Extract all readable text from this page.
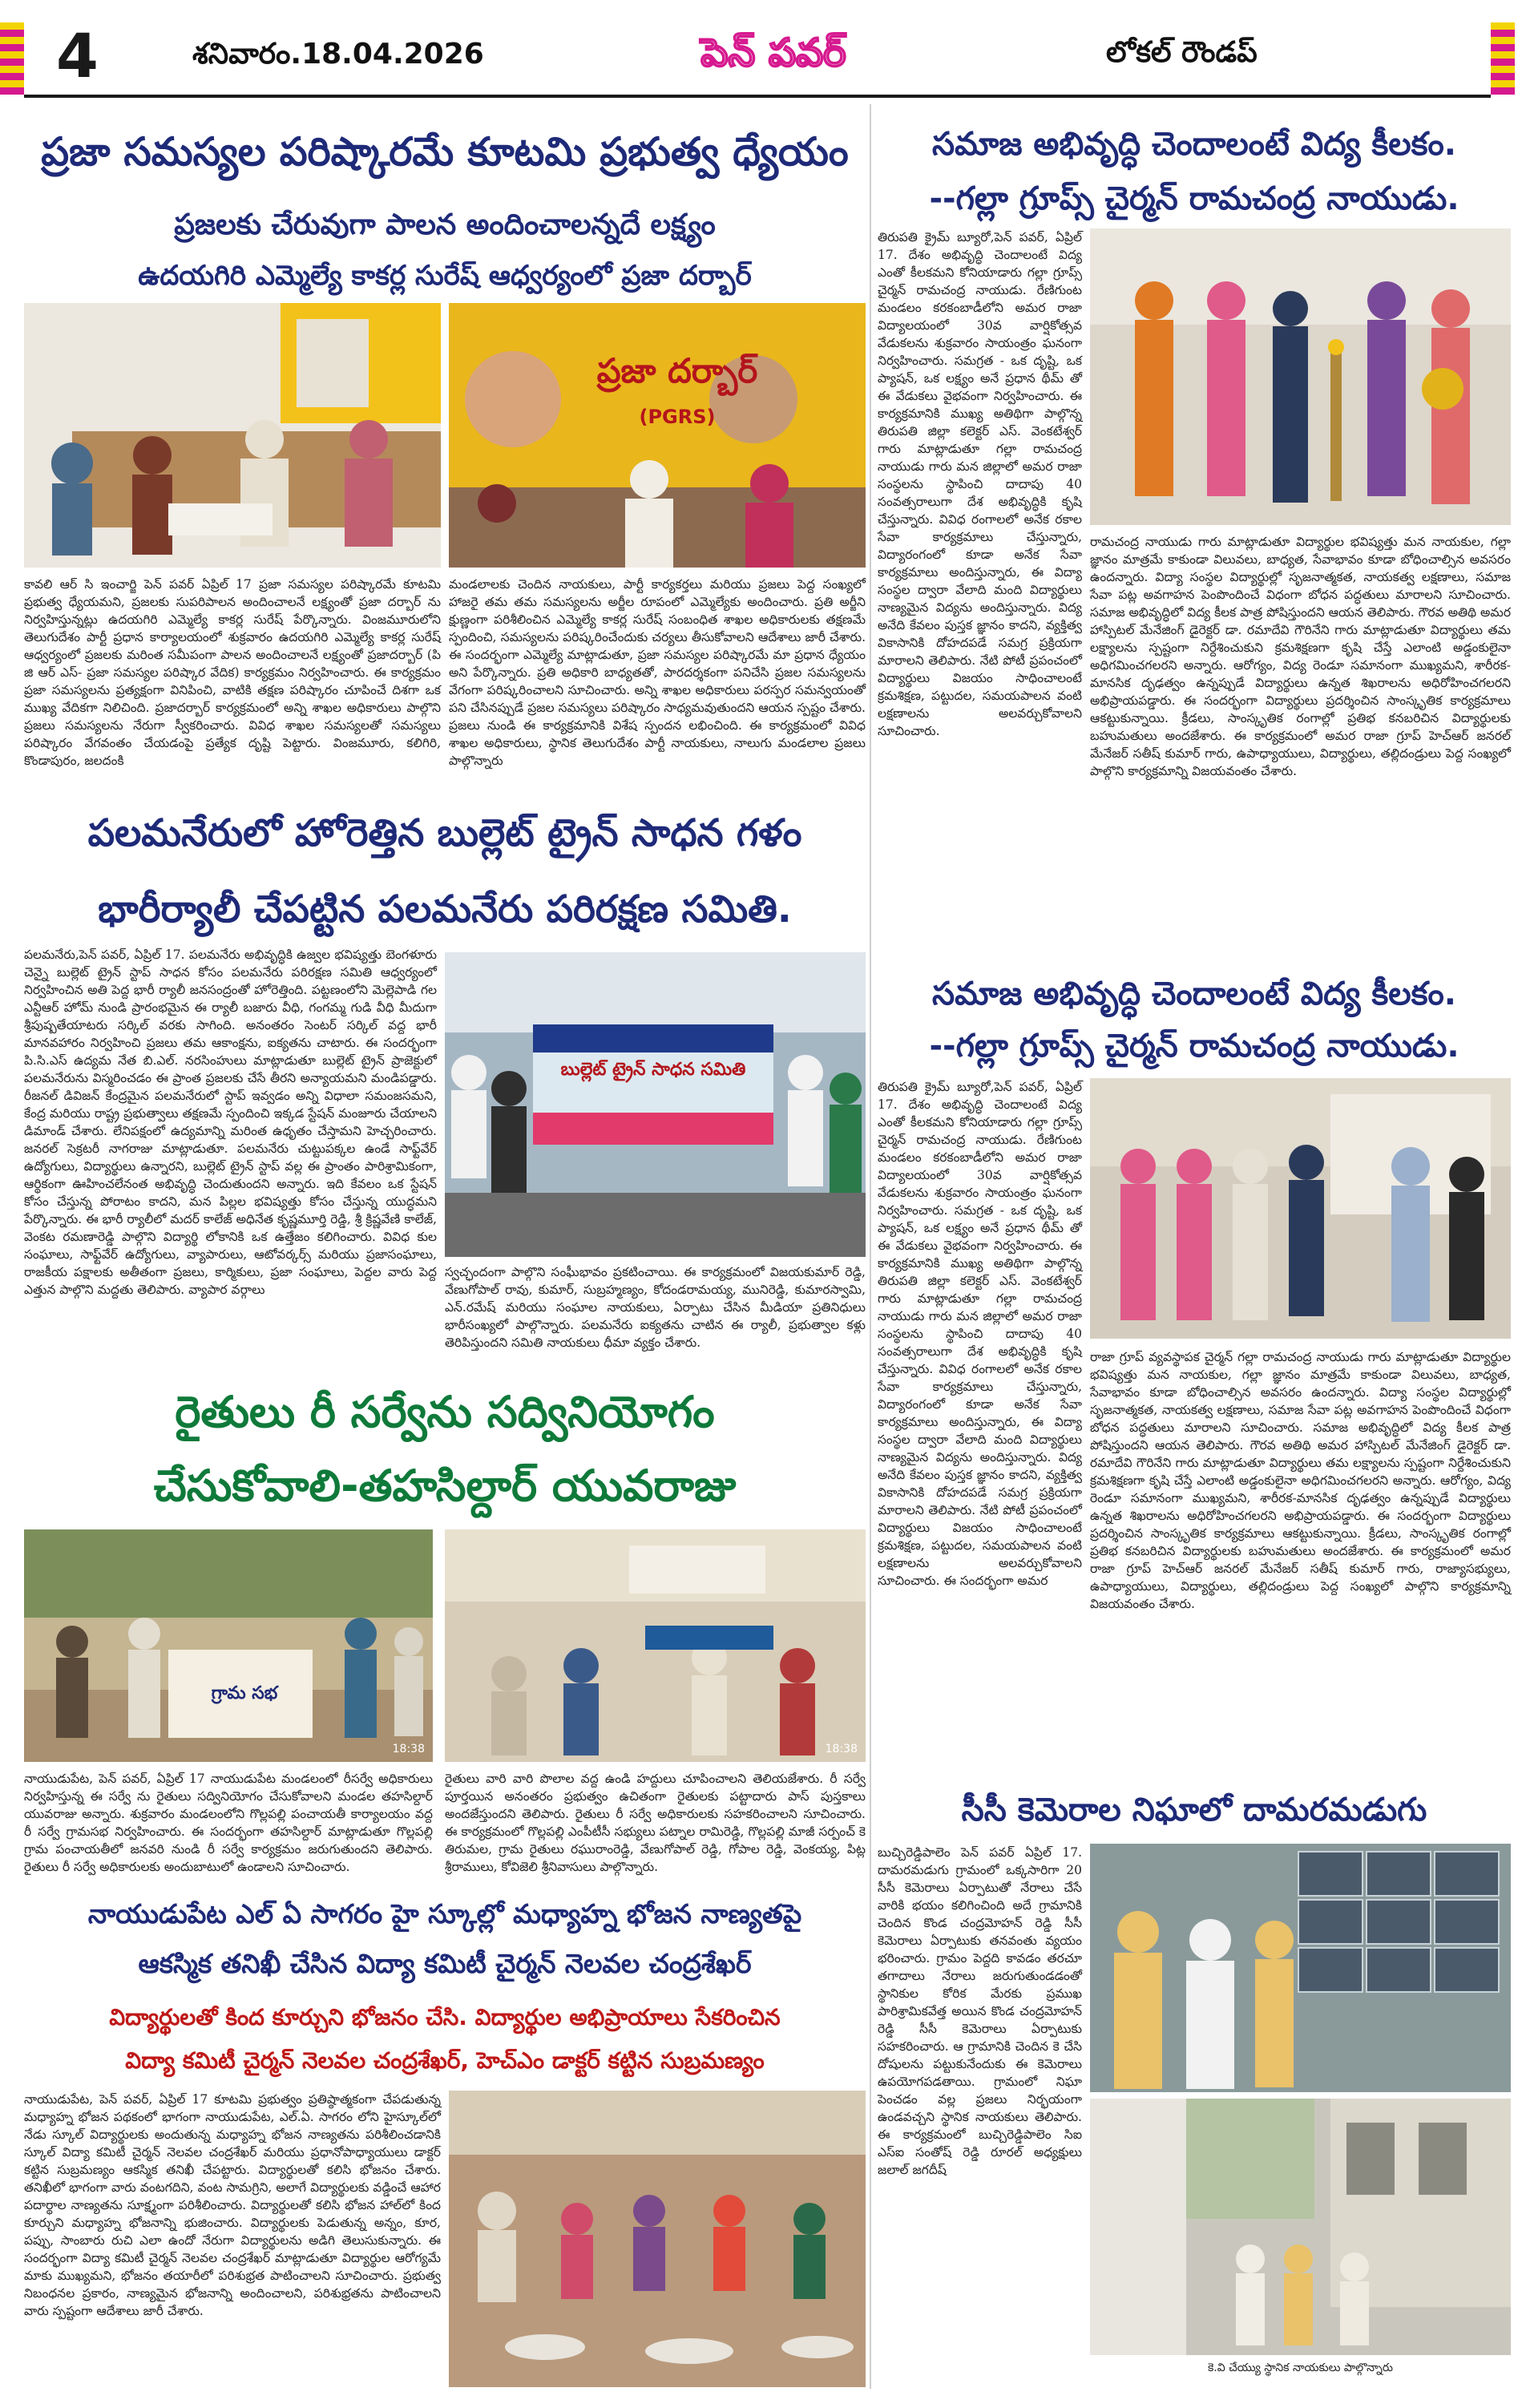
4	శనివారం.18.04.2026	పెన్ పవర్	లోకల్ రౌండప్
ప్రజా సమస్యల పరిష్కారమే కూటమి ప్రభుత్వ ధ్యేయం
ప్రజలకు చేరువుగా పాలన అందించాలన్నదే లక్ష్యం
ఉదయగిరి ఎమ్మెల్యే కాకర్ల సురేష్ ఆధ్వర్యంలో ప్రజా దర్బార్
ప్రజా దర్బార్
(PGRS)
కావలి ఆర్ సి ఇంచార్జి పెన్ పవర్ ఏప్రిల్ 17 ప్రజా సమస్యల పరిష్కారమే కూటమి ప్రభుత్వ ధ్యేయమని, ప్రజలకు సుపరిపాలన అందించాలనే లక్ష్యంతో ప్రజా దర్బార్ ను నిర్వహిస్తున్నట్లు ఉదయగిరి ఎమ్మెల్యే కాకర్ల సురేష్ పేర్కొన్నారు. వింజమూరులోని తెలుగుదేశం పార్టీ ప్రధాన కార్యాలయంలో శుక్రవారం ఉదయగిరి ఎమ్మెల్యే కాకర్ల సురేష్ ఆధ్వర్యంలో ప్రజలకు మరింత సమీపంగా పాలన అందించాలనే లక్ష్యంతో ప్రజాదర్బార్ (పి జి ఆర్ ఎస్- ప్రజా సమస్యల పరిష్కార వేదిక) కార్యక్రమం నిర్వహించారు. ఈ కార్యక్రమం ప్రజా సమస్యలను ప్రత్యక్షంగా వినిపించి, వాటికి తక్షణ పరిష్కారం చూపించే దిశగా ఒక ముఖ్య వేదికగా నిలిచింది. ప్రజాదర్బార్ కార్యక్రమంలో అన్ని శాఖల అధికారులు పాల్గొని ప్రజలు సమస్యలను నేరుగా స్వీకరించారు. వివిధ శాఖల సమస్యలతో సమస్యలు పరిష్కారం వేగవంతం చేయడంపై ప్రత్యేక దృష్టి పెట్టారు. వింజమూరు, కలిగిరి, కొండాపురం, జలదంకి
మండలాలకు చెందిన నాయకులు, పార్టీ కార్యకర్తలు మరియు ప్రజలు పెద్ద సంఖ్యలో హాజరై తమ తమ సమస్యలను అర్జీల రూపంలో ఎమ్మెల్యేకు అందించారు. ప్రతి అర్జీని క్షుణ్ణంగా పరిశీలించిన ఎమ్మెల్యే కాకర్ల సురేష్ సంబంధిత శాఖల అధికారులకు తక్షణమే స్పందించి, సమస్యలను పరిష్కరించేందుకు చర్యలు తీసుకోవాలని ఆదేశాలు జారీ చేశారు. ఈ సందర్భంగా ఎమ్మెల్యే మాట్లాడుతూ, ప్రజా సమస్యల పరిష్కారమే మా ప్రధాన ధ్యేయం అని పేర్కొన్నారు. ప్రతి అధికారి బాధ్యతతో, పారదర్శకంగా పనిచేసి ప్రజల సమస్యలను వేగంగా పరిష్కరించాలని సూచించారు. అన్ని శాఖల అధికారులు పరస్పర సమన్వయంతో పని చేసినప్పుడే ప్రజల సమస్యలు పరిష్కారం సాధ్యమవుతుందని ఆయన స్పష్టం చేశారు. ప్రజలు నుండి ఈ కార్యక్రమానికి విశేష స్పందన లభించింది. ఈ కార్యక్రమంలో వివిధ శాఖల అధికారులు, స్థానిక తెలుగుదేశం పార్టీ నాయకులు, నాలుగు మండలాల ప్రజలు పాల్గొన్నారు
పలమనేరులో హోరెత్తిన బుల్లెట్ ట్రైన్ సాధన గళం
భారీర్యాలీ చేపట్టిన పలమనేరు పరిరక్షణ సమితి.
పలమనేరు,పెన్ పవర్, ఏప్రిల్ 17. పలమనేరు అభివృద్ధికి ఉజ్వల భవిష్యత్తు బెంగళూరు చెన్నై బుల్లెట్ ట్రైన్ స్టాప్ సాధన కోసం పలమనేరు పరిరక్షణ సమితి ఆధ్వర్యంలో నిర్వహించిన అతి పెద్ద భారీ ర్యాలీ జనసంద్రంతో హోరెత్తింది. పట్టణంలోని మెల్లెపాడి గల ఎన్టీఆర్ హోమ్ నుండి ప్రారంభమైన ఈ ర్యాలీ బజారు వీధి, గంగమ్మ గుడి వీధి మీదుగా శ్రీపుష్పతేయాటరు సర్కిల్ వరకు సాగింది. అనంతరం సెంటర్ సర్కిల్ వద్ద భారీ మానవహారం నిర్వహించి ప్రజలు తమ ఆకాంక్షను, ఐక్యతను చాటారు. ఈ సందర్భంగా పి.సి.ఎస్ ఉద్యమ నేత బి.ఎల్. నరసింహులు మాట్లాడుతూ బుల్లెట్ ట్రైన్ ప్రాజెక్టులో పలమనేరును విస్మరించడం ఈ ప్రాంత ప్రజలకు చేసే తీరని అన్యాయమని మండిపడ్డారు. రీజనల్ డివిజన్ కేంద్రమైన పలమనేరులో స్టాప్ ఇవ్వడం అన్ని విధాలా సమంజసమని, కేంద్ర మరియు రాష్ట్ర ప్రభుత్వాలు తక్షణమే స్పందించి ఇక్కడ స్టేషన్ మంజూరు చేయాలని డిమాండ్ చేశారు. లేనిపక్షంలో ఉద్యమాన్ని మరింత ఉధృతం చేస్తామని హెచ్చరించారు. జనరల్ సెక్రటరీ నాగరాజు మాట్లాడుతూ. పలమనేరు చుట్టుపక్కల ఉండే సాఫ్ట్‌వేర్ ఉద్యోగులు, విద్యార్థులు ఉన్నారని, బుల్లెట్ ట్రైన్ స్టాప్ వల్ల ఈ ప్రాంతం పారిశ్రామికంగా, ఆర్థికంగా ఊహించలేనంత అభివృద్ధి చెందుతుందని అన్నారు. ఇది కేవలం ఒక స్టేషన్ కోసం చేస్తున్న పోరాటం కాదని, మన పిల్లల భవిష్యత్తు కోసం చేస్తున్న యుద్ధమని పేర్కొన్నారు. ఈ భారీ ర్యాలీలో మదర్ కాలేజ్ అధినేత కృష్ణమూర్తి రెడ్డి, శ్రీ క్రిష్ణవేణి కాలేజ్, వెంకట రమణారెడ్డి పాల్గొని విద్యార్థి లోకానికి ఒక ఉత్తేజం కలిగించారు. వివిధ కుల సంఘాలు, సాఫ్ట్‌వేర్ ఉద్యోగులు, వ్యాపారులు, ఆటోవర్కర్స్ మరియు ప్రజాసంఘాలు, రాజకీయ పక్షాలకు అతీతంగా ప్రజలు, కార్మికులు, ప్రజా సంఘాలు, పెద్దల వారు పెద్ద ఎత్తున పాల్గొని మద్దతు తెలిపారు. వ్యాపార వర్గాలు
బుల్లెట్ ట్రైన్ సాధన సమితి
స్వచ్ఛందంగా పాల్గొని సంఘీభావం ప్రకటించాయి. ఈ కార్యక్రమంలో విజయకుమార్ రెడ్డి, వేణుగోపాల్ రావు, కుమార్, సుబ్రహ్మణ్యం, కోదండరామయ్య, మునిరెడ్డి, కుమారస్వామి, ఎన్.రమేష్ మరియు సంఘాల నాయకులు, ఏర్పాటు చేసిన మీడియా ప్రతినిధులు భారీసంఖ్యలో పాల్గొన్నారు. పలమనేరు ఐక్యతను చాటిన ఈ ర్యాలీ, ప్రభుత్వాల కళ్లు తెరిపిస్తుందని సమితి నాయకులు ధీమా వ్యక్తం చేశారు.
రైతులు రీ సర్వేను సద్వినియోగం
చేసుకోవాలి-తహసిల్దార్ యువరాజు
గ్రామ సభ
18:38	18:38
నాయుడుపేట, పెన్ పవర్, ఏప్రిల్ 17 నాయుడుపేట మండలంలో రీసర్వే అధికారులు నిర్వహిస్తున్న ఈ సర్వే ను రైతులు సద్వినియోగం చేసుకోవాలని మండల తహసిల్దార్ యువరాజు అన్నారు. శుక్రవారం మండలంలోని గొల్లపల్లి పంచాయతీ కార్యాలయం వద్ద రీ సర్వే గ్రామసభ నిర్వహించారు. ఈ సందర్భంగా తహసిల్దార్ మాట్లాడుతూ గొల్లపల్లి గ్రామ పంచాయతీలో జనవరి నుండి రీ సర్వే కార్యక్రమం జరుగుతుందని తెలిపారు. రైతులు రీ సర్వే అధికారులకు అందుబాటులో ఉండాలని సూచించారు.
రైతులు వారి వారి పొలాల వద్ద ఉండి హద్దులు చూపించాలని తెలియజేశారు. రీ సర్వే పూర్తయిన అనంతరం ప్రభుత్వం ఉచితంగా రైతులకు పట్టాదారు పాస్ పుస్తకాలు అందజేస్తుందని తెలిపారు. రైతులు రీ సర్వే అధికారులకు సహకరించాలని సూచించారు. ఈ కార్యక్రమంలో గొల్లపల్లి ఎంపీటీసీ సభ్యులు పట్నాల రామిరెడ్డి, గొల్లపల్లి మాజీ సర్పంచ్ కె తిరుమల, గ్రామ రైతులు రఘురాంరెడ్డి, వేణుగోపాల్ రెడ్డి, గోపాల రెడ్డి, వెంకయ్య, పిట్ల శ్రీరాములు, కోవిజెలి శ్రీనివాసులు పాల్గొన్నారు.
నాయుడుపేట ఎల్ ఏ సాగరం హై స్కూల్లో మధ్యాహ్న భోజన నాణ్యతపై
ఆకస్మిక తనిఖీ చేసిన విద్యా కమిటీ చైర్మన్ నెలవల చంద్రశేఖర్
విద్యార్థులతో కింద కూర్చుని భోజనం చేసి. విద్యార్థుల అభిప్రాయాలు సేకరించిన
విద్యా కమిటీ చైర్మన్ నెలవల చంద్రశేఖర్, హెచ్‌ఎం డాక్టర్ కట్టిన సుబ్రమణ్యం
నాయుడుపేట, పెన్ పవర్, ఏప్రిల్ 17 కూటమి ప్రభుత్వం ప్రతిష్ఠాత్మకంగా చేపడుతున్న మధ్యాహ్న భోజన పథకంలో భాగంగా నాయుడుపేట, ఎల్.ఏ. సాగరం లోని హైస్కూల్‌లో నేడు స్కూల్ విద్యార్థులకు అందుతున్న మధ్యాహ్న భోజన నాణ్యతను పరిశీలించడానికి స్కూల్ విద్యా కమిటీ చైర్మన్ నెలవల చంద్రశేఖర్ మరియు ప్రధానోపాధ్యాయులు డాక్టర్ కట్టిన సుబ్రమణ్యం ఆకస్మిక తనిఖీ చేపట్టారు. విద్యార్థులతో కలిసి భోజనం చేశారు. తనిఖీలో భాగంగా వారు వంటగదిని, వంట సామగ్రిని, అలాగే విద్యార్థులకు వడ్డించే ఆహార పదార్థాల నాణ్యతను సూక్ష్మంగా పరిశీలించారు. విద్యార్థులతో కలిసి భోజన హాల్‌లో కింద కూర్చుని మధ్యాహ్న భోజనాన్ని భుజించారు. విద్యార్థులకు పెడుతున్న అన్నం, కూర, పప్పు, సాంబారు రుచి ఎలా ఉందో నేరుగా విద్యార్థులను అడిగి తెలుసుకున్నారు. ఈ సందర్భంగా విద్యా కమిటీ చైర్మన్ నెలవల చంద్రశేఖర్ మాట్లాడుతూ విద్యార్థుల ఆరోగ్యమే మాకు ముఖ్యమని, భోజనం తయారీలో పరిశుభ్రత పాటించాలని సూచించారు. ప్రభుత్వ నిబంధనల ప్రకారం, నాణ్యమైన భోజనాన్ని అందించాలని, పరిశుభ్రతను పాటించాలని వారు స్పష్టంగా ఆదేశాలు జారీ చేశారు.
సమాజ అభివృద్ధి చెందాలంటే విద్య కీలకం.
--గల్లా గ్రూప్స్ చైర్మన్ రామచంద్ర నాయుడు.
తిరుపతి క్రైమ్ బ్యూరో,పెన్ పవర్, ఏప్రిల్ 17. దేశం అభివృద్ధి చెందాలంటే విద్య ఎంతో కీలకమని కోనియాడారు గల్లా గ్రూప్స్ చైర్మన్ రామచంద్ర నాయుడు. రేణిగుంట మండలం కరకంబాడీలోని అమర రాజా విద్యాలయంలో 30వ వార్షికోత్సవ వేడుకలను శుక్రవారం సాయంత్రం ఘనంగా నిర్వహించారు. సమగ్రత - ఒక దృష్టి, ఒక ప్యాషన్, ఒక లక్ష్యం అనే ప్రధాన థీమ్ తో ఈ వేడుకలు వైభవంగా నిర్వహించారు. ఈ కార్యక్రమానికి ముఖ్య అతిథిగా పాల్గొన్న తిరుపతి జిల్లా కలెక్టర్ ఎస్. వెంకటేశ్వర్ గారు మాట్లాడుతూ గల్లా రామచంద్ర నాయుడు గారు మన జిల్లాలో అమర రాజా సంస్థలను స్థాపించి దాదాపు 40 సంవత్సరాలుగా దేశ అభివృద్ధికి కృషి చేస్తున్నారు. వివిధ రంగాలలో అనేక రకాల సేవా కార్యక్రమాలు చేస్తున్నారు, విద్యారంగంలో కూడా అనేక సేవా కార్యక్రమాలు అందిస్తున్నారు, ఈ విద్యా సంస్థల ద్వారా వేలాది మంది విద్యార్థులు నాణ్యమైన విద్యను అందిస్తున్నారు. విద్య అనేది కేవలం పుస్తక జ్ఞానం కాదని, వ్యక్తిత్వ వికాసానికి దోహదపడే సమగ్ర ప్రక్రియగా మారాలని తెలిపారు. నేటి పోటీ ప్రపంచంలో విద్యార్థులు విజయం సాధించాలంటే క్రమశిక్షణ, పట్టుదల, సమయపాలన వంటి లక్షణాలను అలవర్చుకోవాలని సూచించారు.
రామచంద్ర నాయుడు గారు మాట్లాడుతూ విద్యార్థుల భవిష్యత్తు మన నాయకుల, గల్లా జ్ఞానం మాత్రమే కాకుండా విలువలు, బాధ్యత, సేవాభావం కూడా బోధించాల్సిన అవసరం ఉందన్నారు. విద్యా సంస్థల విద్యార్థుల్లో సృజనాత్మకత, నాయకత్వ లక్షణాలు, సమాజ సేవా పట్ల అవగాహన పెంపొందించే విధంగా బోధన పద్ధతులు మారాలని సూచించారు. సమాజ అభివృద్ధిలో విద్య కీలక పాత్ర పోషిస్తుందని ఆయన తెలిపారు. గౌరవ అతిథి అమర హాస్పిటల్ మేనేజింగ్ డైరెక్టర్ డా. రమాదేవి గౌరినేని గారు మాట్లాడుతూ విద్యార్థులు తమ లక్ష్యాలను స్పష్టంగా నిర్దేశించుకుని క్రమశిక్షణగా కృషి చేస్తే ఎలాంటి అడ్డంకులైనా అధిగమించగలరని అన్నారు. ఆరోగ్యం, విద్య రెండూ సమానంగా ముఖ్యమని, శారీరక-మానసిక దృఢత్వం ఉన్నప్పుడే విద్యార్థులు ఉన్నత శిఖరాలను అధిరోహించగలరని అభిప్రాయపడ్డారు. ఈ సందర్భంగా విద్యార్థులు ప్రదర్శించిన సాంస్కృతిక కార్యక్రమాలు ఆకట్టుకున్నాయి. క్రీడలు, సాంస్కృతిక రంగాల్లో ప్రతిభ కనబరిచిన విద్యార్థులకు బహుమతులు అందజేశారు. ఈ కార్యక్రమంలో అమర రాజా గ్రూప్ హెచ్ఆర్ జనరల్ మేనేజర్ సతీష్ కుమార్ గారు, ఉపాధ్యాయులు, విద్యార్థులు, తల్లిదండ్రులు పెద్ద సంఖ్యలో పాల్గొని కార్యక్రమాన్ని విజయవంతం చేశారు.
సమాజ అభివృద్ధి చెందాలంటే విద్య కీలకం.
--గల్లా గ్రూప్స్ చైర్మన్ రామచంద్ర నాయుడు.
తిరుపతి క్రైమ్ బ్యూరో,పెన్ పవర్, ఏప్రిల్ 17. దేశం అభివృద్ధి చెందాలంటే విద్య ఎంతో కీలకమని కోనియాడారు గల్లా గ్రూప్స్ చైర్మన్ రామచంద్ర నాయుడు. రేణిగుంట మండలం కరకంబాడీలోని అమర రాజా విద్యాలయంలో 30వ వార్షికోత్సవ వేడుకలను శుక్రవారం సాయంత్రం ఘనంగా నిర్వహించారు. సమగ్రత - ఒక దృష్టి, ఒక ప్యాషన్, ఒక లక్ష్యం అనే ప్రధాన థీమ్ తో ఈ వేడుకలు వైభవంగా నిర్వహించారు. ఈ కార్యక్రమానికి ముఖ్య అతిథిగా పాల్గొన్న తిరుపతి జిల్లా కలెక్టర్ ఎస్. వెంకటేశ్వర్ గారు మాట్లాడుతూ గల్లా రామచంద్ర నాయుడు గారు మన జిల్లాలో అమర రాజా సంస్థలను స్థాపించి దాదాపు 40 సంవత్సరాలుగా దేశ అభివృద్ధికి కృషి చేస్తున్నారు. వివిధ రంగాలలో అనేక రకాల సేవా కార్యక్రమాలు చేస్తున్నారు, విద్యారంగంలో కూడా అనేక సేవా కార్యక్రమాలు అందిస్తున్నారు, ఈ విద్యా సంస్థల ద్వారా వేలాది మంది విద్యార్థులు నాణ్యమైన విద్యను అందిస్తున్నారు. విద్య అనేది కేవలం పుస్తక జ్ఞానం కాదని, వ్యక్తిత్వ వికాసానికి దోహదపడే సమగ్ర ప్రక్రియగా మారాలని తెలిపారు. నేటి పోటీ ప్రపంచంలో విద్యార్థులు విజయం సాధించాలంటే క్రమశిక్షణ, పట్టుదల, సమయపాలన వంటి లక్షణాలను అలవర్చుకోవాలని సూచించారు. ఈ సందర్భంగా అమర
రాజా గ్రూప్ వ్యవస్థాపక చైర్మన్ గల్లా రామచంద్ర నాయుడు గారు మాట్లాడుతూ విద్యార్థుల భవిష్యత్తు మన నాయకుల, గల్లా జ్ఞానం మాత్రమే కాకుండా విలువలు, బాధ్యత, సేవాభావం కూడా బోధించాల్సిన అవసరం ఉందన్నారు. విద్యా సంస్థల విద్యార్థుల్లో సృజనాత్మకత, నాయకత్వ లక్షణాలు, సమాజ సేవా పట్ల అవగాహన పెంపొందించే విధంగా బోధన పద్ధతులు మారాలని సూచించారు. సమాజ అభివృద్ధిలో విద్య కీలక పాత్ర పోషిస్తుందని ఆయన తెలిపారు. గౌరవ అతిథి అమర హాస్పిటల్ మేనేజింగ్ డైరెక్టర్ డా. రమాదేవి గౌరినేని గారు మాట్లాడుతూ విద్యార్థులు తమ లక్ష్యాలను స్పష్టంగా నిర్దేశించుకుని క్రమశిక్షణగా కృషి చేస్తే ఎలాంటి అడ్డంకులైనా అధిగమించగలరని అన్నారు. ఆరోగ్యం, విద్య రెండూ సమానంగా ముఖ్యమని, శారీరక-మానసిక దృఢత్వం ఉన్నప్పుడే విద్యార్థులు ఉన్నత శిఖరాలను అధిరోహించగలరని అభిప్రాయపడ్డారు. ఈ సందర్భంగా విద్యార్థులు ప్రదర్శించిన సాంస్కృతిక కార్యక్రమాలు ఆకట్టుకున్నాయి. క్రీడలు, సాంస్కృతిక రంగాల్లో ప్రతిభ కనబరిచిన విద్యార్థులకు బహుమతులు అందజేశారు. ఈ కార్యక్రమంలో అమర రాజా గ్రూప్ హెచ్ఆర్ జనరల్ మేనేజర్ సతీష్ కుమార్ గారు, రాజ్యాసభ్యులు, ఉపాధ్యాయులు, విద్యార్థులు, తల్లిదండ్రులు పెద్ద సంఖ్యలో పాల్గొని కార్యక్రమాన్ని విజయవంతం చేశారు.
సీసీ కెమెరాల నిఘాలో దామరమడుగు
బుచ్చిరెడ్డిపాలెం పెన్ పవర్ ఏప్రిల్ 17. దామరమడుగు గ్రామంలో ఒక్కసారిగా 20 సీసీ కెమెరాలు ఏర్పాటుతో నేరాలు చేసే వారికి భయం కలిగించింది అదే గ్రామానికి చెందిన కొండ చంద్రమోహన్ రెడ్డి సీసీ కెమెరాలు ఏర్పాటుకు తనవంతు వ్యయం భరించారు. గ్రామం పెద్దది కావడం తరచూ తగాదాలు నేరాలు జరుగుతుండడంతో స్థానికుల కోరిక మేరకు ప్రముఖ పారిశ్రామికవేత్త అయిన కొండ చంద్రమోహన్ రెడ్డి సీసీ కెమెరాలు ఏర్పాటుకు సహకరించారు. ఆ గ్రామానికి చెందిన కె చేసి దోషులను పట్టుకునేందుకు ఈ కెమెరాలు ఉపయోగపడతాయి. గ్రామంలో నిఘా పెంచడం వల్ల ప్రజలు నిర్భయంగా ఉండవచ్చని స్థానిక నాయకులు తెలిపారు. ఈ కార్యక్రమంలో బుచ్చిరెడ్డిపాలెం సిఐ ఎస్ఐ సంతోష్ రెడ్డి రూరల్ అధ్యక్షులు జలాల్ జగదీష్
కె.వి చేయ్యు స్థానిక నాయకులు పాల్గొన్నారు
